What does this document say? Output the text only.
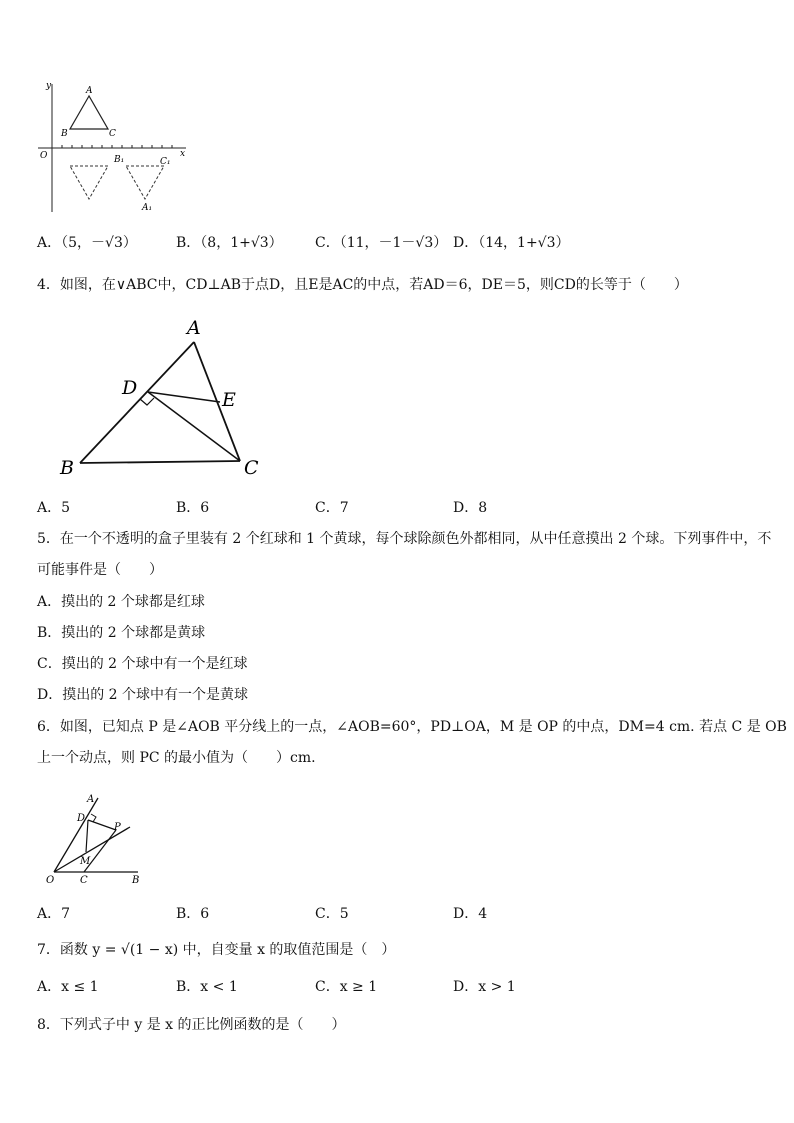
y
x
O
A
B	C
B₁	C₁
A₁
A．（5，－√3）	B．（8，1+√3） C．（11，－1－√3） D．（14，1+√3）
4．如图，在∨ABC中，CD⊥AB于点D，且E是AC的中点，若AD＝6，DE＝5，则CD的长等于（　　）
A
B	C
D
E
A．5	B．6	C．7	D．8
5．在一个不透明的盒子里装有 2 个红球和 1 个黄球，每个球除颜色外都相同，从中任意摸出 2 个球。下列事件中，不
可能事件是（　　）
A．摸出的 2 个球都是红球
B．摸出的 2 个球都是黄球
C．摸出的 2 个球中有一个是红球
D．摸出的 2 个球中有一个是黄球
6．如图，已知点 P 是∠AOB 平分线上的一点，∠AOB=60°，PD⊥OA，M 是 OP 的中点，DM=4 cm. 若点 C 是 OB
上一个动点，则 PC 的最小值为（　　）cm.
A
D
P
M
O	C	B
A．7	B．6	C．5	D．4
7．函数 y = √(1 − x) 中，自变量 x 的取值范围是（　）
A．x ≤ 1	B．x < 1	C．x ≥ 1	D．x > 1
8．下列式子中 y 是 x 的正比例函数的是（　　）
